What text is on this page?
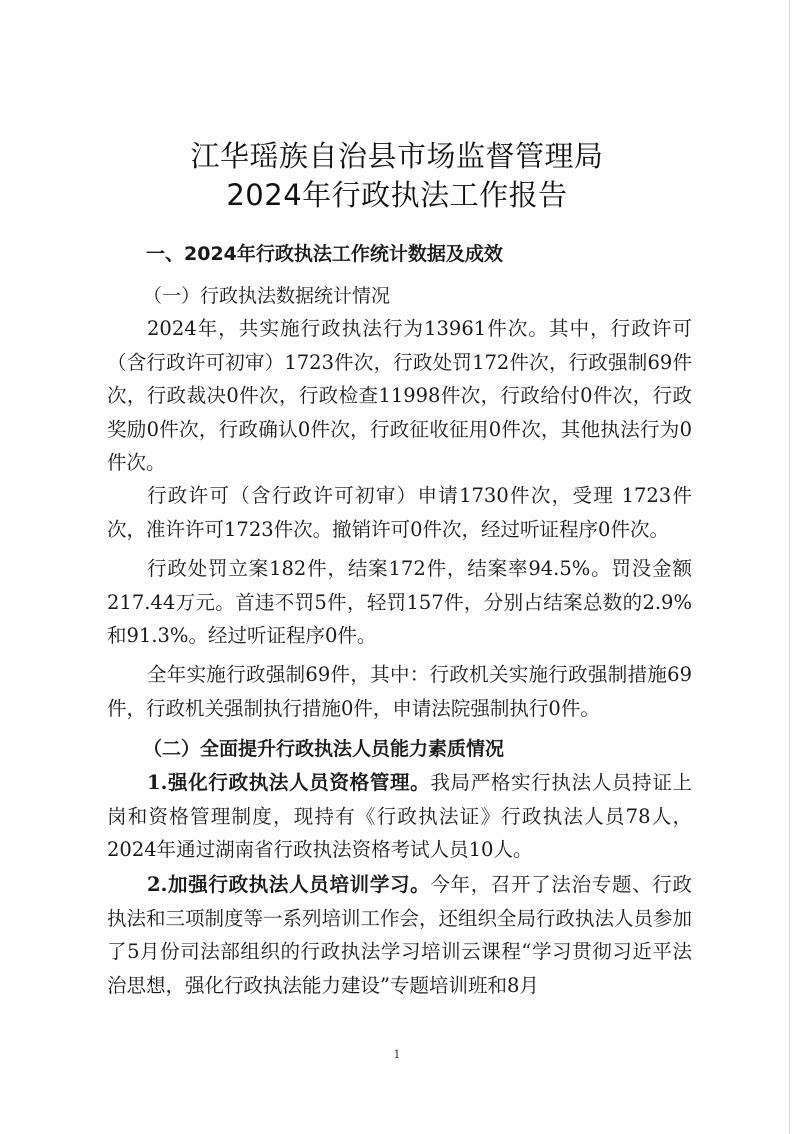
江华瑶族自治县市场监督管理局
2024年行政执法工作报告
一、2024年行政执法工作统计数据及成效
（一）行政执法数据统计情况
2024年，共实施行政执法行为13961件次。其中，行政许可（含行政许可初审）1723件次，行政处罚172件次，行政强制69件次，行政裁决0件次，行政检查11998件次，行政给付0件次，行政奖励0件次，行政确认0件次，行政征收征用0件次，其他执法行为0件次。
行政许可（含行政许可初审）申请1730件次，受理 1723件次，准许许可1723件次。撤销许可0件次，经过听证程序0件次。
行政处罚立案182件，结案172件，结案率94.5%。罚没金额217.44万元。首违不罚5件，轻罚157件，分别占结案总数的2.9%和91.3%。经过听证程序0件。
全年实施行政强制69件，其中：行政机关实施行政强制措施69件，行政机关强制执行措施0件，申请法院强制执行0件。
（二）全面提升行政执法人员能力素质情况
1.强化行政执法人员资格管理。我局严格实行执法人员持证上岗和资格管理制度，现持有《行政执法证》行政执法人员78人，2024年通过湖南省行政执法资格考试人员10人。
2.加强行政执法人员培训学习。今年，召开了法治专题、行政执法和三项制度等一系列培训工作会，还组织全局行政执法人员参加了5月份司法部组织的行政执法学习培训云课程“学习贯彻习近平法治思想，强化行政执法能力建设”专题培训班和8月
1
